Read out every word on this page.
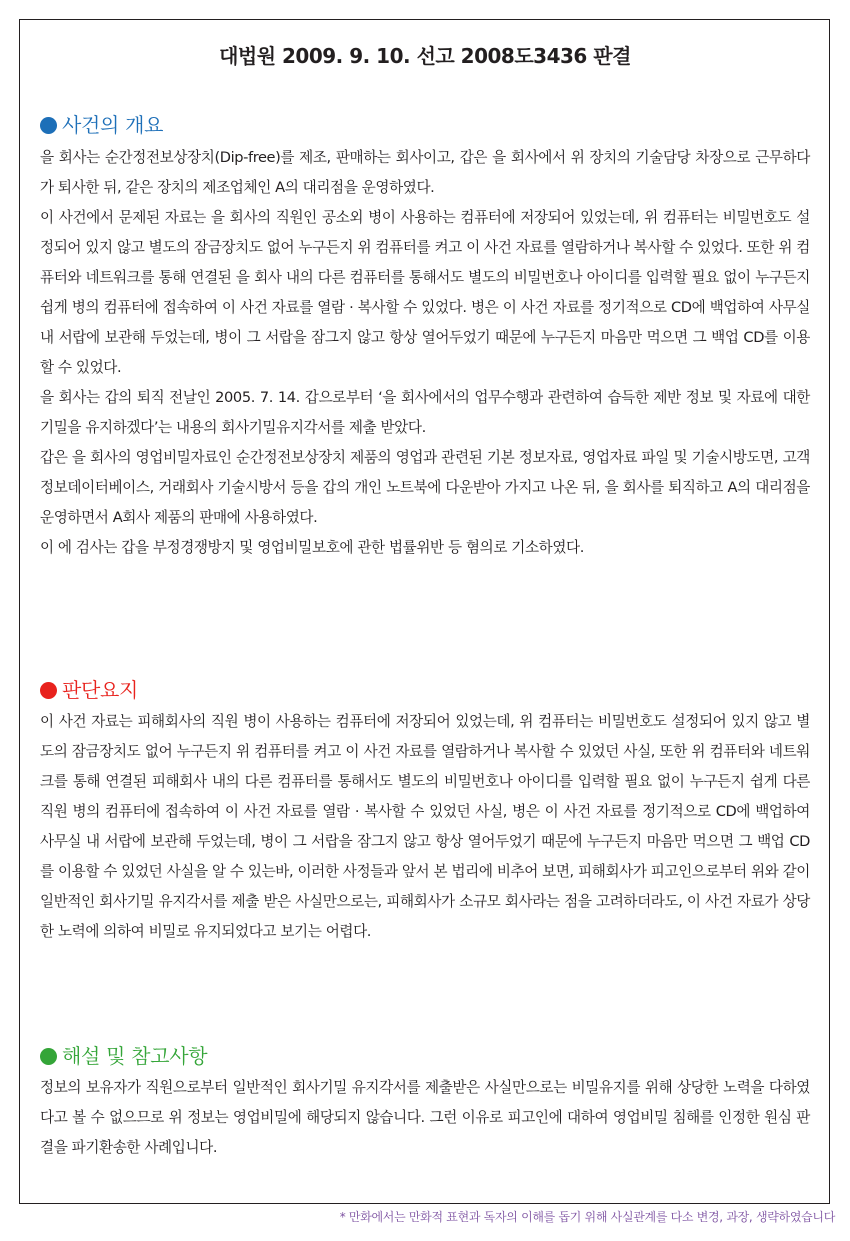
대법원 2009. 9. 10. 선고 2008도3436 판결
사건의 개요

을 회사는 순간정전보상장치(Dip-free)를 제조, 판매하는 회사이고, 갑은 을 회사에서 위 장치의 기술담당 차장으로 근무하다가 퇴사한 뒤, 같은 장치의 제조업체인 A의 대리점을 운영하였다.

이 사건에서 문제된 자료는 을 회사의 직원인 공소외 병이 사용하는 컴퓨터에 저장되어 있었는데, 위 컴퓨터는 비밀번호도 설정되어 있지 않고 별도의 잠금장치도 없어 누구든지 위 컴퓨터를 켜고 이 사건 자료를 열람하거나 복사할 수 있었다. 또한 위 컴퓨터와 네트워크를 통해 연결된 을 회사 내의 다른 컴퓨터를 통해서도 별도의 비밀번호나 아이디를 입력할 필요 없이 누구든지 쉽게 병의 컴퓨터에 접속하여 이 사건 자료를 열람 · 복사할 수 있었다. 병은 이 사건 자료를 정기적으로 CD에 백업하여 사무실 내 서랍에 보관해 두었는데, 병이 그 서랍을 잠그지 않고 항상 열어두었기 때문에 누구든지 마음만 먹으면 그 백업 CD를 이용할 수 있었다.

을 회사는 갑의 퇴직 전날인 2005. 7. 14. 갑으로부터 ‘을 회사에서의 업무수행과 관련하여 습득한 제반 정보 및 자료에 대한 기밀을 유지하겠다’는 내용의 회사기밀유지각서를 제출 받았다.

갑은 을 회사의 영업비밀자료인 순간정전보상장치 제품의 영업과 관련된 기본 정보자료, 영업자료 파일 및 기술시방도면, 고객정보데이터베이스, 거래회사 기술시방서 등을 갑의 개인 노트북에 다운받아 가지고 나온 뒤, 을 회사를 퇴직하고 A의 대리점을 운영하면서 A회사 제품의 판매에 사용하였다.

이 에 검사는 갑을 부정경쟁방지 및 영업비밀보호에 관한 법률위반 등 혐의로 기소하였다.

판단요지

이 사건 자료는 피해회사의 직원 병이 사용하는 컴퓨터에 저장되어 있었는데, 위 컴퓨터는 비밀번호도 설정되어 있지 않고 별도의 잠금장치도 없어 누구든지 위 컴퓨터를 켜고 이 사건 자료를 열람하거나 복사할 수 있었던 사실, 또한 위 컴퓨터와 네트워크를 통해 연결된 피해회사 내의 다른 컴퓨터를 통해서도 별도의 비밀번호나 아이디를 입력할 필요 없이 누구든지 쉽게 다른 직원 병의 컴퓨터에 접속하여 이 사건 자료를 열람 · 복사할 수 있었던 사실, 병은 이 사건 자료를 정기적으로 CD에 백업하여 사무실 내 서랍에 보관해 두었는데, 병이 그 서랍을 잠그지 않고 항상 열어두었기 때문에 누구든지 마음만 먹으면 그 백업 CD를 이용할 수 있었던 사실을 알 수 있는바, 이러한 사정들과 앞서 본 법리에 비추어 보면, 피해회사가 피고인으로부터 위와 같이 일반적인 회사기밀 유지각서를 제출 받은 사실만으로는, 피해회사가 소규모 회사라는 점을 고려하더라도, 이 사건 자료가 상당한 노력에 의하여 비밀로 유지되었다고 보기는 어렵다.

해설 및 참고사항

정보의 보유자가 직원으로부터 일반적인 회사기밀 유지각서를 제출받은 사실만으로는 비밀유지를 위해 상당한 노력을 다하였다고 볼 수 없으므로 위 정보는 영업비밀에 해당되지 않습니다. 그런 이유로 피고인에 대하여 영업비밀 침해를 인정한 원심 판결을 파기환송한 사례입니다.

* 만화에서는 만화적 표현과 독자의 이해를 돕기 위해 사실관계를 다소 변경, 과장, 생략하였습니다
